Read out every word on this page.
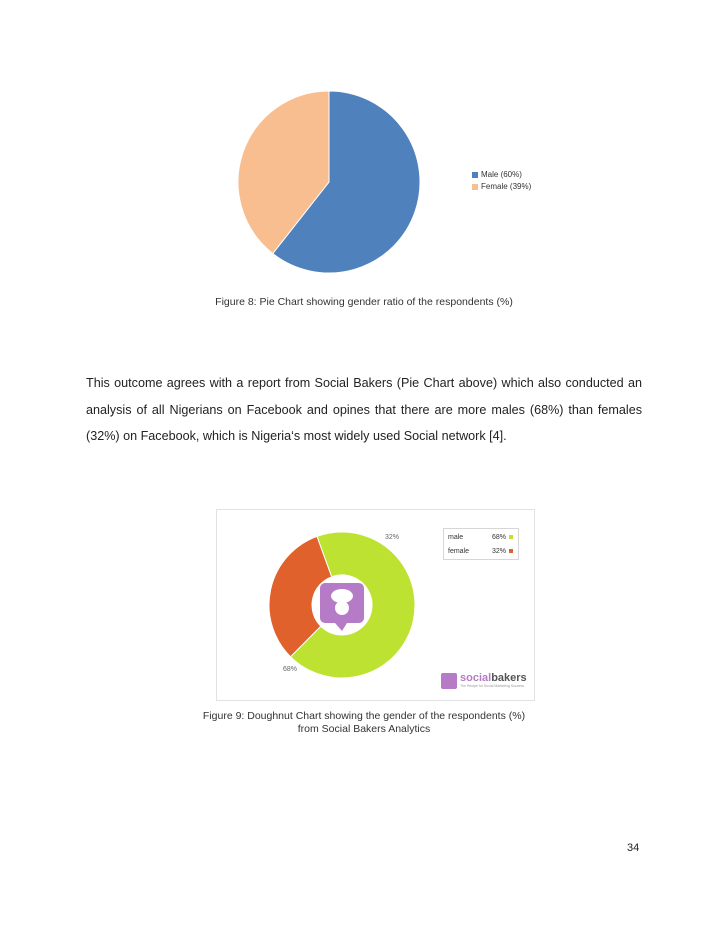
Male (60%)
Female (39%)
Figure 8: Pie Chart showing gender ratio of the respondents (%)

This outcome agrees with a report from Social Bakers (Pie Chart above) which also conducted an analysis of all Nigerians on Facebook and opines that there are more males (68%) than females (32%) on Facebook, which is Nigeria‘s most widely used Social network [4].

32%
68%
male	68%
female	32%
socialbakers
The Recipe for Social Marketing Success
Figure 9: Doughnut Chart showing the gender of the respondents (%)
from Social Bakers Analytics
34
